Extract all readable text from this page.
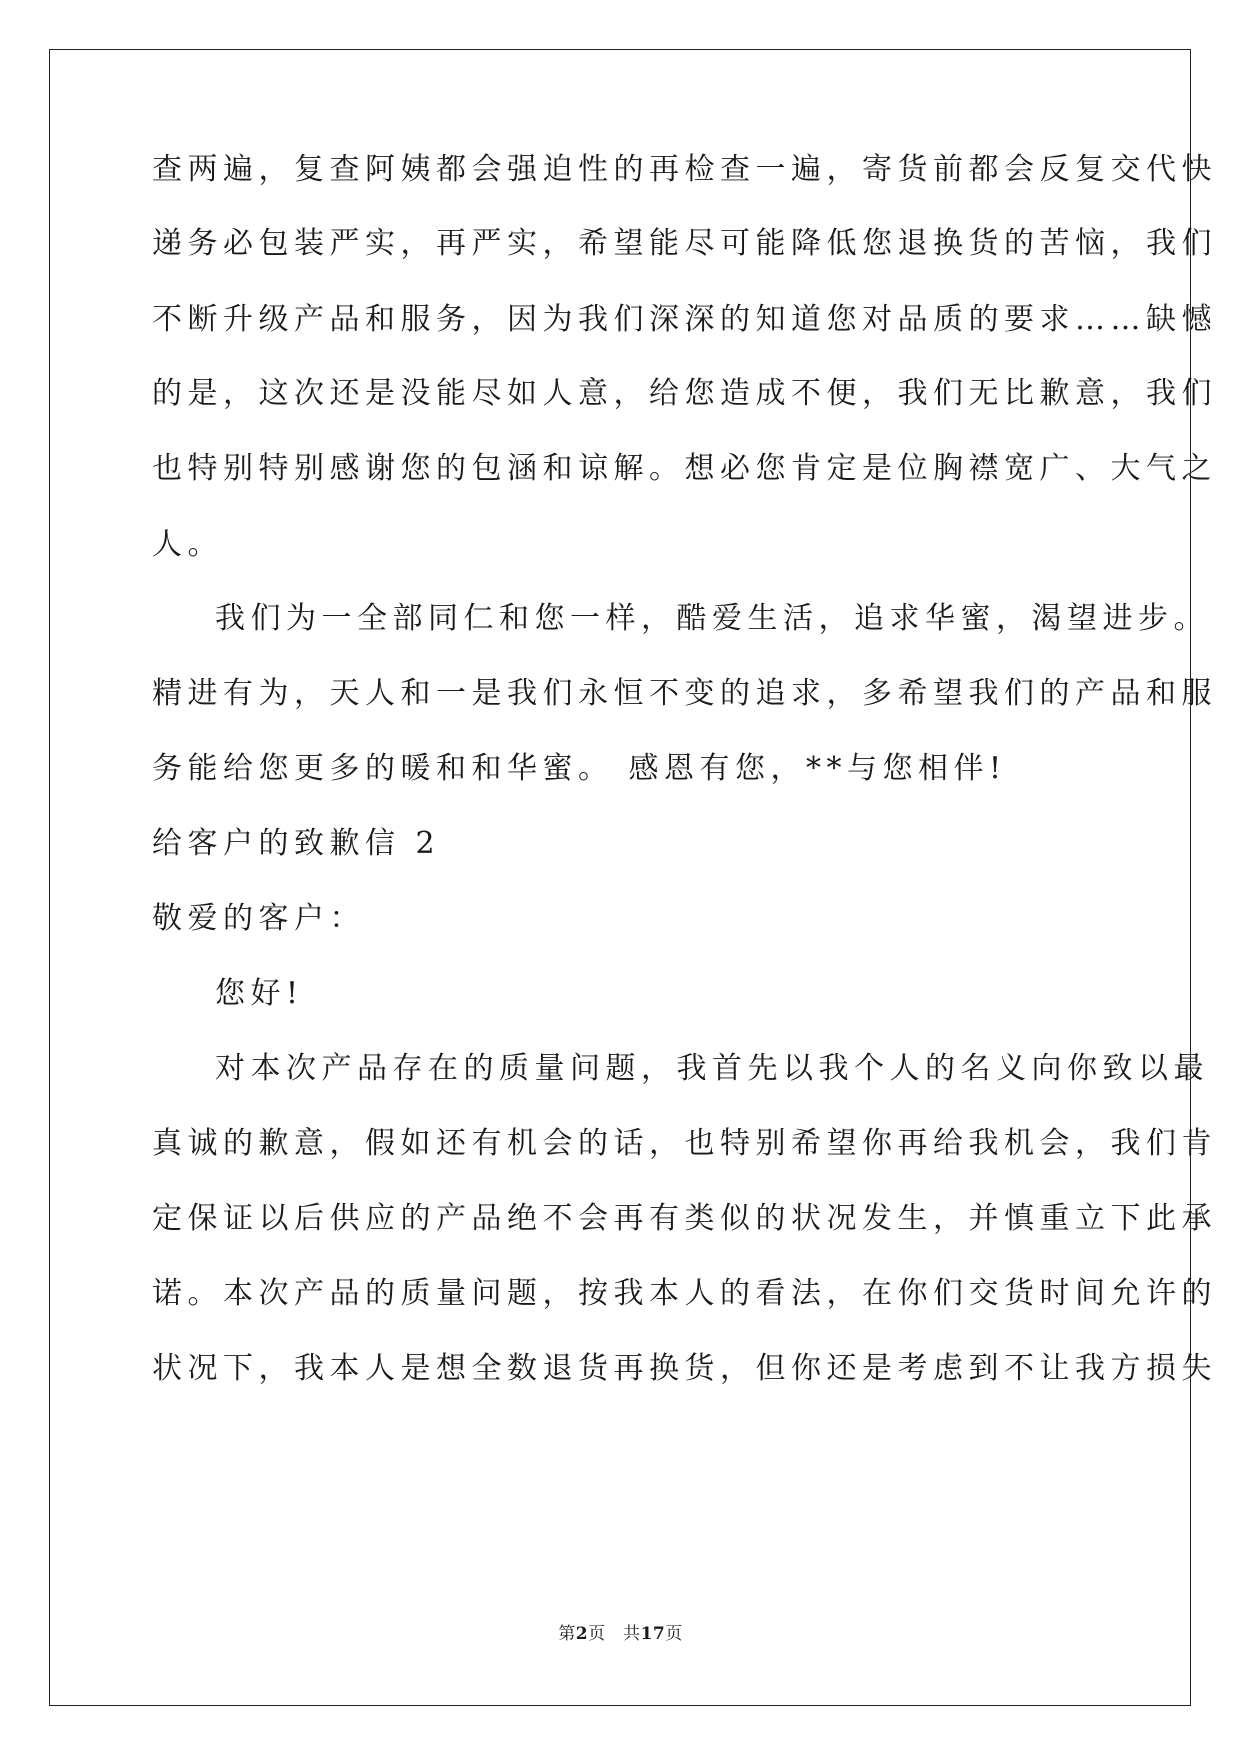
查两遍，复查阿姨都会强迫性的再检查一遍，寄货前都会反复交代快
递务必包装严实，再严实，希望能尽可能降低您退换货的苦恼，我们
不断升级产品和服务，因为我们深深的知道您对品质的要求……缺憾
的是，这次还是没能尽如人意，给您造成不便，我们无比歉意，我们
也特别特别感谢您的包涵和谅解。想必您肯定是位胸襟宽广、大气之
人。
我们为一全部同仁和您一样，酷爱生活，追求华蜜，渴望进步。
精进有为，天人和一是我们永恒不变的追求，多希望我们的产品和服
务能给您更多的暖和和华蜜。 感恩有您，**与您相伴!
给客户的致歉信 2
敬爱的客户：
您好!
对本次产品存在的质量问题，我首先以我个人的名义向你致以最
真诚的歉意，假如还有机会的话，也特别希望你再给我机会，我们肯
定保证以后供应的产品绝不会再有类似的状况发生，并慎重立下此承
诺。本次产品的质量问题，按我本人的看法，在你们交货时间允许的
状况下，我本人是想全数退货再换货，但你还是考虑到不让我方损失
第2页　共17页
